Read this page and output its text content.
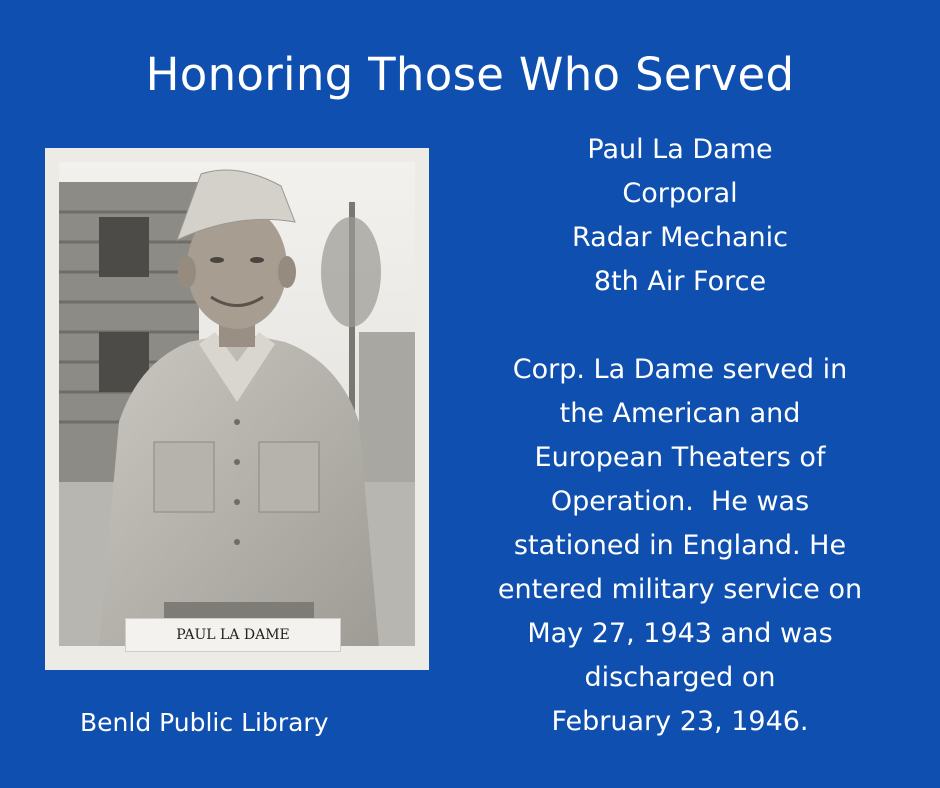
Honoring Those Who Served
PAUL LA DAME

Paul La Dame

Corporal

Radar Mechanic

8th Air Force

Corp. La Dame served in

the American and

European Theaters of

Operation.  He was

stationed in England. He

entered military service on

May 27, 1943 and was

discharged on

February 23, 1946.

Benld Public Library
